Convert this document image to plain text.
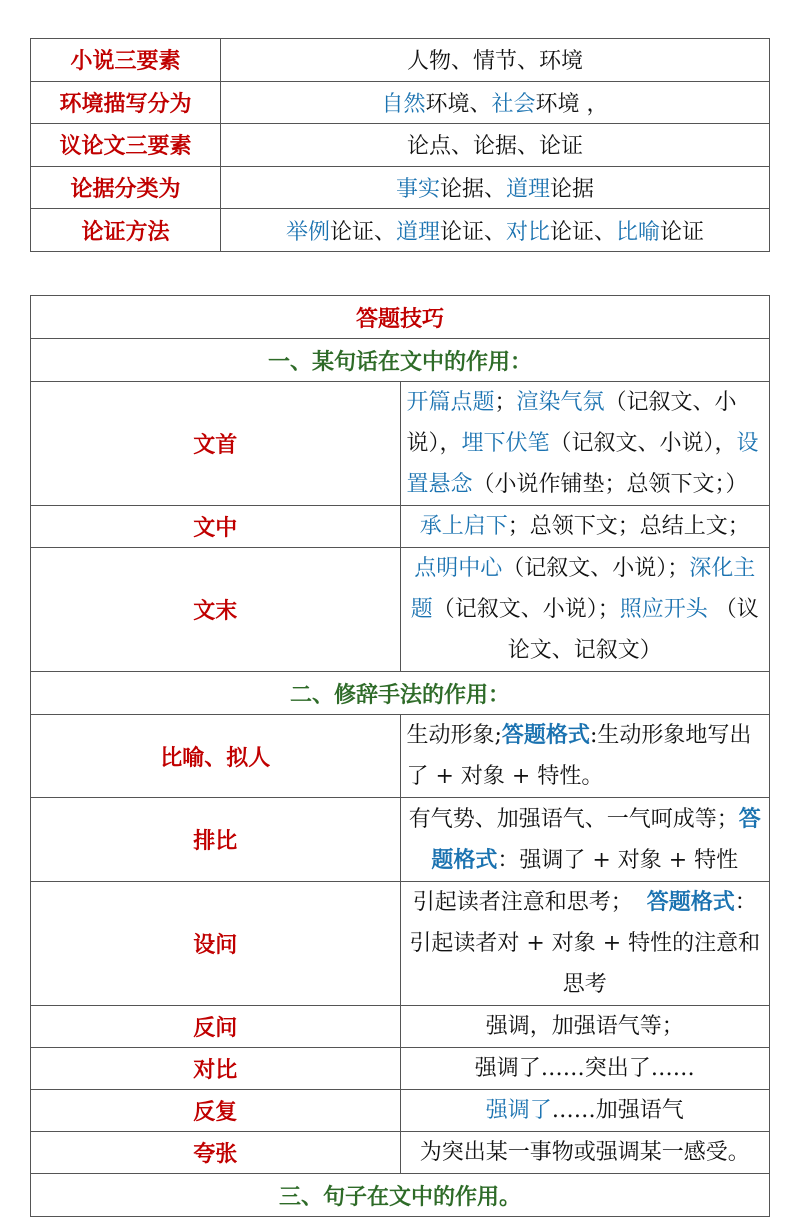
小说三要素	人物、情节、环境
环境描写分为	自然环境、社会环境 ，
议论文三要素	论点、论据、论证
论据分类为	事实论据、道理论据
论证方法	举例论证、道理论证、对比论证、比喻论证
答题技巧	
一、某句话在文中的作用：	
文首	开篇点题；渲染气氛（记叙文、小说），埋下伏笔（记叙文、小说），设置悬念（小说作铺垫；总领下文；）
文中	承上启下；总领下文；总结上文；
文末	点明中心（记叙文、小说）；深化主题（记叙文、小说）；照应开头 （议论文、记叙文）
二、修辞手法的作用：	
比喻、拟人	生动形象;答题格式:生动形象地写出了 + 对象 + 特性。
排比	有气势、加强语气、一气呵成等；答题格式：强调了 + 对象 + 特性
设问	引起读者注意和思考；  答题格式：引起读者对 + 对象 + 特性的注意和思考
反问	强调，加强语气等；
对比	强调了……突出了……
反复	强调了……加强语气
夸张	为突出某一事物或强调某一感受。
三、句子在文中的作用。	
